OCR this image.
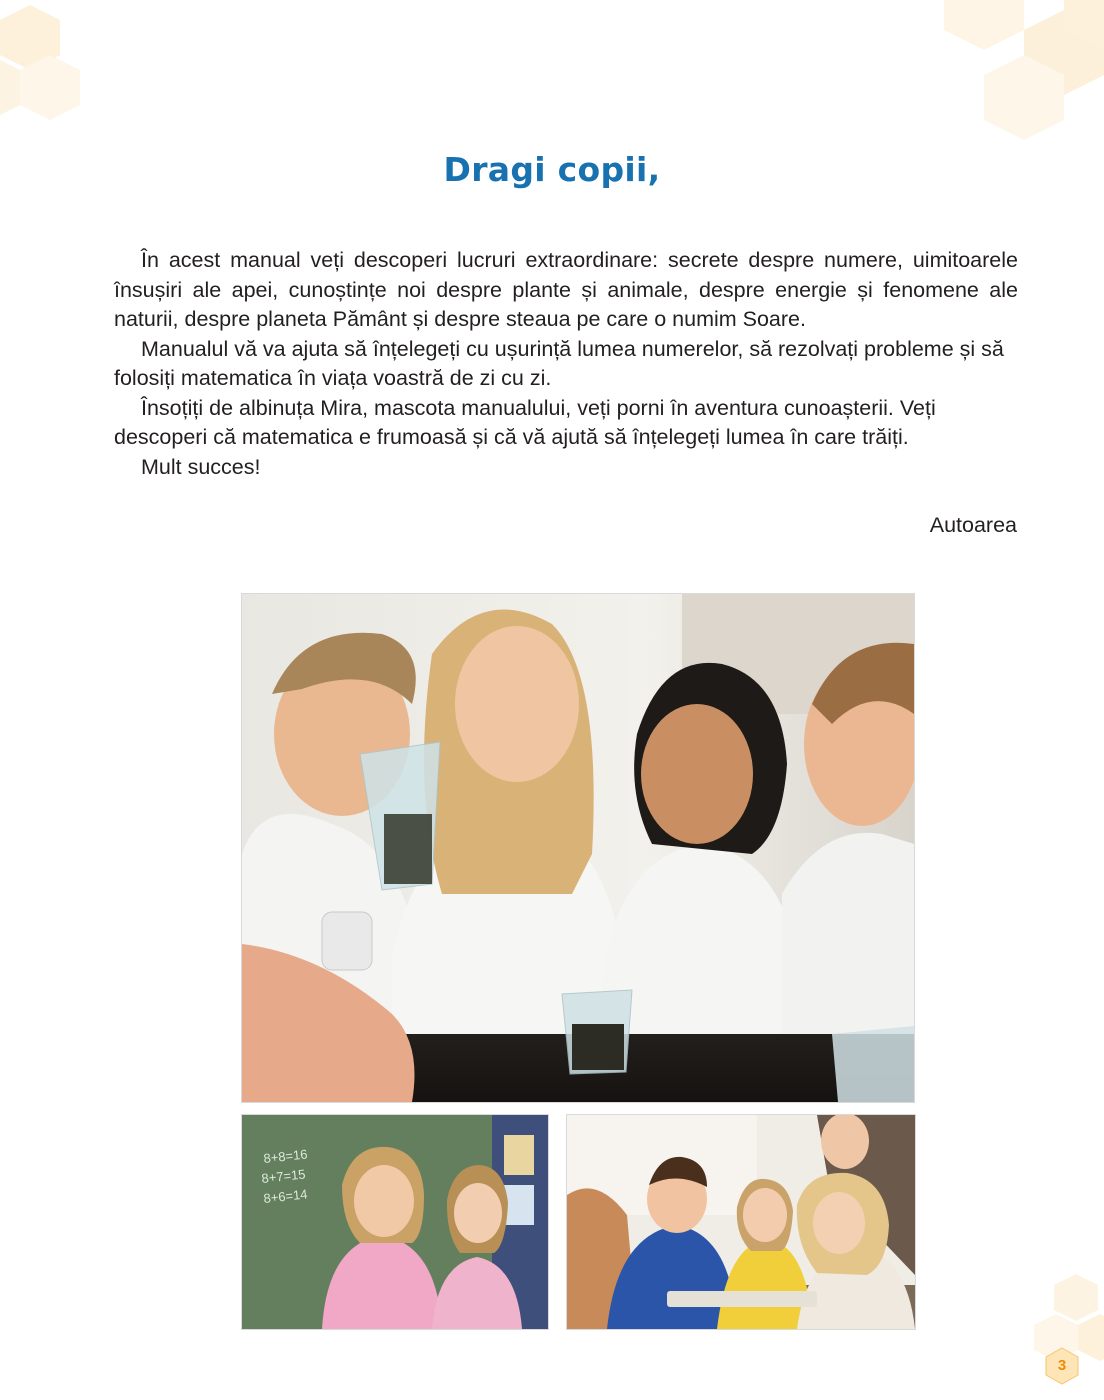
Dragi copii,

În acest manual veți descoperi lucruri extraordinare: secrete despre numere, uimitoarele însușiri ale apei, cunoștințe noi despre plante și animale, despre energie și fenomene ale naturii, despre planeta Pământ și despre steaua pe care o numim Soare.

Manualul vă va ajuta să înțelegeți cu ușurință lumea numerelor, să rezolvați probleme și să folosiți matematica în viața voastră de zi cu zi.

Însoțiți de albinuța Mira, mascota manualului, veți porni în aventura cunoașterii. Veți descoperi că matematica e frumoasă și că vă ajută să înțelegeți lumea în care trăiți.

Mult succes!

Autoarea
8+8=16
8+7=15
8+6=14
3
